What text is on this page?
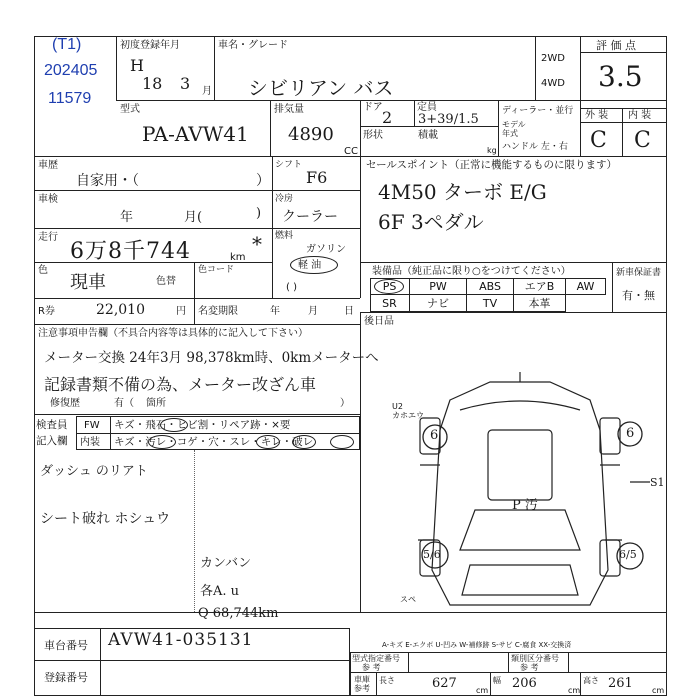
(T1)
202405
11579
初度登録年月
H
18 3 月
車名・グレード
シビリアン バス
2WD
4WD
評 価 点
3.5
型式
PA-AVW41
排気量
4890
CC
ドア
2
定員
3+39/1.5
形状	積載
kg
ディーラー・並行
モデル
年式
ハンドル 左・右
外 装 内 装
C C
車歴
自家用・（	）
車検
年	月(	)
走行
6万8千744	km
*
色
現車	色替
色コード
シフト
F6
冷房
クーラー
燃料
ガソリン
軽 油
( )
セールスポイント（正常に機能するものに限ります）
4M50 ターボ E/G
6F 3ペダル
R券	22,010	円 名変期限	年	月	日
装備品（純正品に限り○をつけてください）
PS	PW	ABS エアB AW
SR	ナビ	TV	本革
新車保証書
有・無
後日品
注意事項申告欄（不具合内容等は具体的に記入して下さい）
メーター交換 24年3月 98,378km時、0kmメーターへ
記録書類不備の為、メーター改ざん車
修復歴	有（ 箇所	）
検査員
記入欄
FW キズ・飛石・ヒビ割・リペア跡・×要
内装 キズ・汚レ・コゲ・穴・スレ・キレ・破レ
ダッシュ のリアト
シート破れ ホシュウ
カンバン
各A. u
Q 68,744km
6	6
5/6	6/5
U2
カホエウ
P 汚
S1
スペ
車台番号 AVW41-035131
登録番号
A-キズ E-エクボ U-凹み W-補修跡 S-サビ C-腐食 XX-交換済
型式指定番号
参 考
類別区分番号
参 考
車庫
参考
長さ	627 cm
幅 206	cm
高さ 261 cm
